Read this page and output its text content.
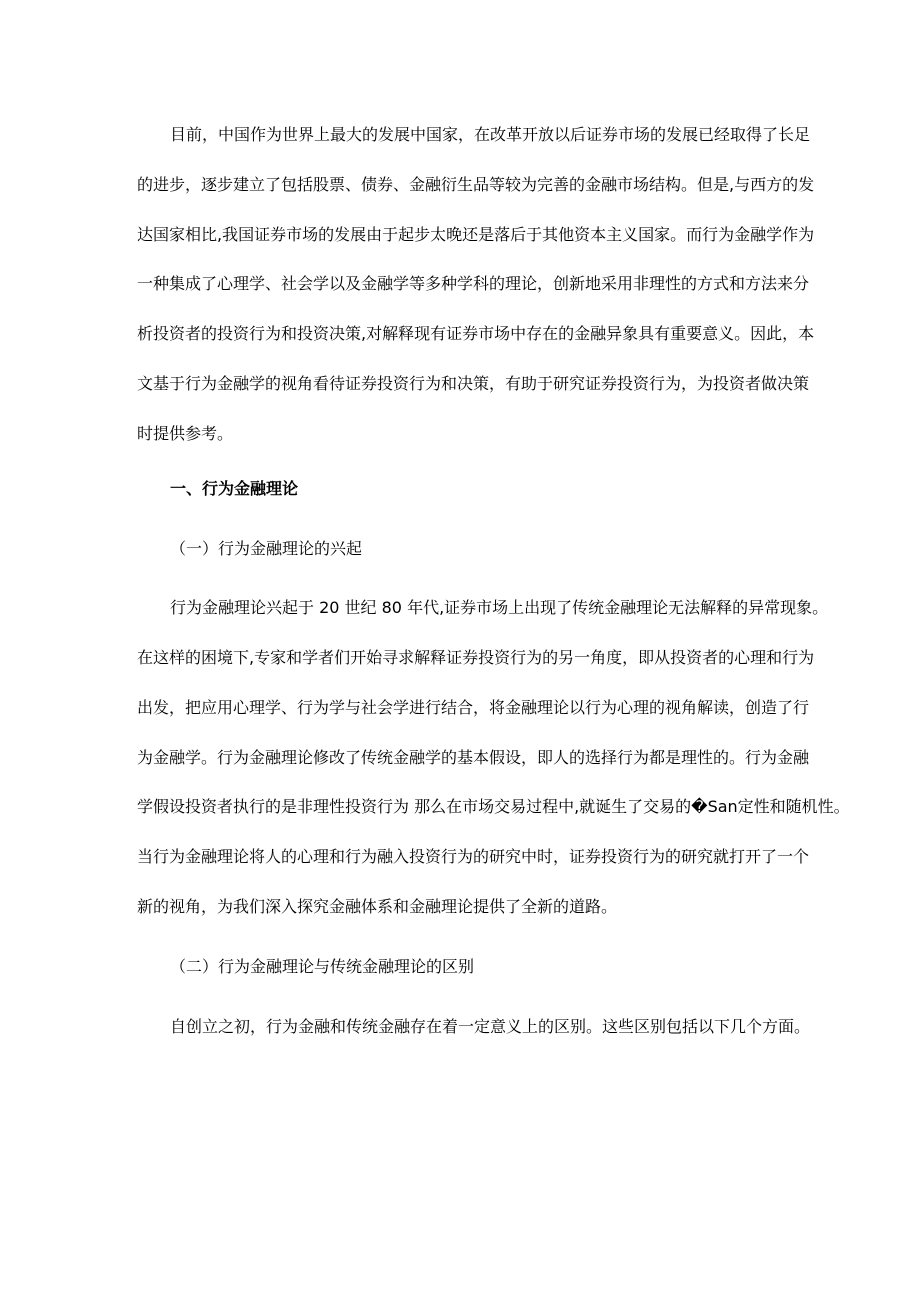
目前，中国作为世界上最大的发展中国家，在改革开放以后证券市场的发展已经取得了长足
的进步，逐步建立了包括股票、债券、金融衍生品等较为完善的金融市场结构。但是,与西方的发
达国家相比,我国证券市场的发展由于起步太晚还是落后于其他资本主义国家。而行为金融学作为
一种集成了心理学、社会学以及金融学等多种学科的理论，创新地采用非理性的方式和方法来分
析投资者的投资行为和投资决策,对解释现有证券市场中存在的金融异象具有重要意义。因此，本
文基于行为金融学的视角看待证券投资行为和决策，有助于研究证券投资行为，为投资者做决策
时提供参考。
一、行为金融理论
（一）行为金融理论的兴起
行为金融理论兴起于 20 世纪 80 年代,证券市场上出现了传统金融理论无法解释的异常现象。
在这样的困境下,专家和学者们开始寻求解释证券投资行为的另一角度，即从投资者的心理和行为
出发，把应用心理学、行为学与社会学进行结合，将金融理论以行为心理的视角解读，创造了行
为金融学。行为金融理论修改了传统金融学的基本假设，即人的选择行为都是理性的。行为金融
学假设投资者执行的是非理性投资行为 那么在市场交易过程中,就诞生了交易的�San定性和随机性。
当行为金融理论将人的心理和行为融入投资行为的研究中时，证券投资行为的研究就打开了一个
新的视角，为我们深入探究金融体系和金融理论提供了全新的道路。
（二）行为金融理论与传统金融理论的区别
自创立之初，行为金融和传统金融存在着一定意义上的区别。这些区别包括以下几个方面。
